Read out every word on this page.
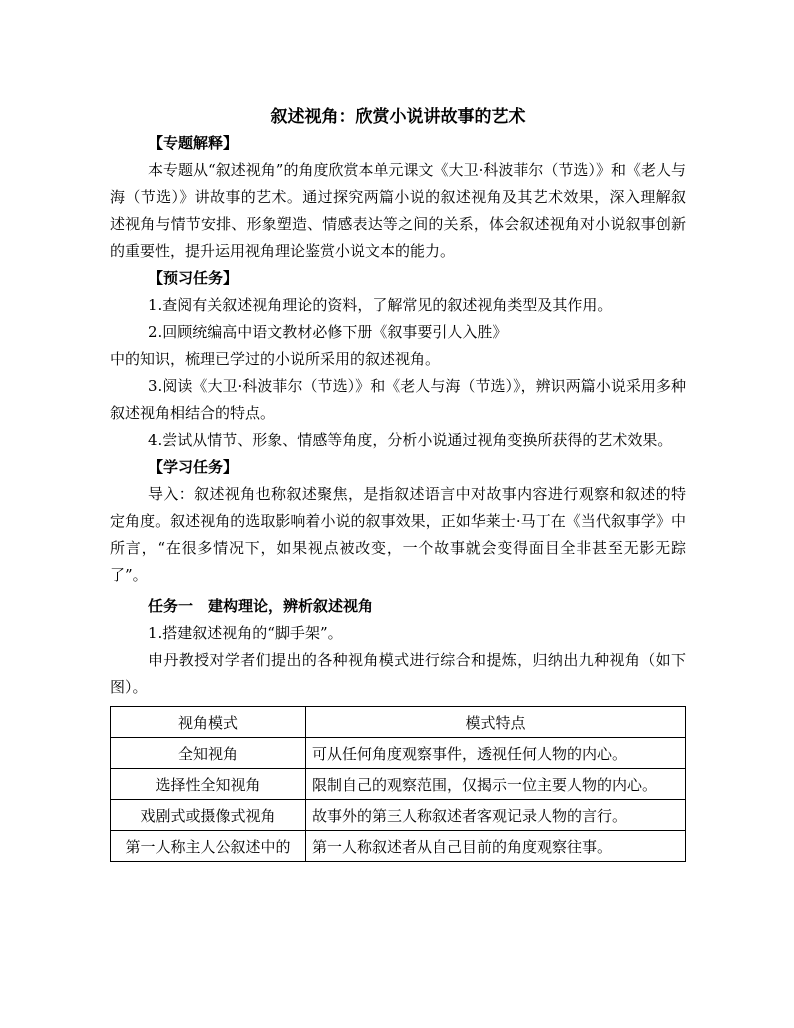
叙述视角：欣赏小说讲故事的艺术

【专题解释】

本专题从“叙述视角”的角度欣赏本单元课文《大卫·科波菲尔（节选）》和《老人与海（节选）》讲故事的艺术。通过探究两篇小说的叙述视角及其艺术效果，深入理解叙述视角与情节安排、形象塑造、情感表达等之间的关系，体会叙述视角对小说叙事创新的重要性，提升运用视角理论鉴赏小说文本的能力。

【预习任务】

1.查阅有关叙述视角理论的资料，了解常见的叙述视角类型及其作用。

2.回顾统编高中语文教材必修下册《叙事要引人入胜》

中的知识，梳理已学过的小说所采用的叙述视角。

3.阅读《大卫·科波菲尔（节选）》和《老人与海（节选）》，辨识两篇小说采用多种叙述视角相结合的特点。

4.尝试从情节、形象、情感等角度，分析小说通过视角变换所获得的艺术效果。

【学习任务】

导入：叙述视角也称叙述聚焦，是指叙述语言中对故事内容进行观察和叙述的特定角度。叙述视角的选取影响着小说的叙事效果，正如华莱士·马丁在《当代叙事学》中所言，“在很多情况下，如果视点被改变，一个故事就会变得面目全非甚至无影无踪了”。

任务一　建构理论，辨析叙述视角

1.搭建叙述视角的“脚手架”。

申丹教授对学者们提出的各种视角模式进行综合和提炼，归纳出九种视角（如下图）。

视角模式	模式特点
全知视角	可从任何角度观察事件，透视任何人物的内心。
选择性全知视角	限制自己的观察范围，仅揭示一位主要人物的内心。
戏剧式或摄像式视角	故事外的第三人称叙述者客观记录人物的言行。
第一人称主人公叙述中的	第一人称叙述者从自己目前的角度观察往事。
